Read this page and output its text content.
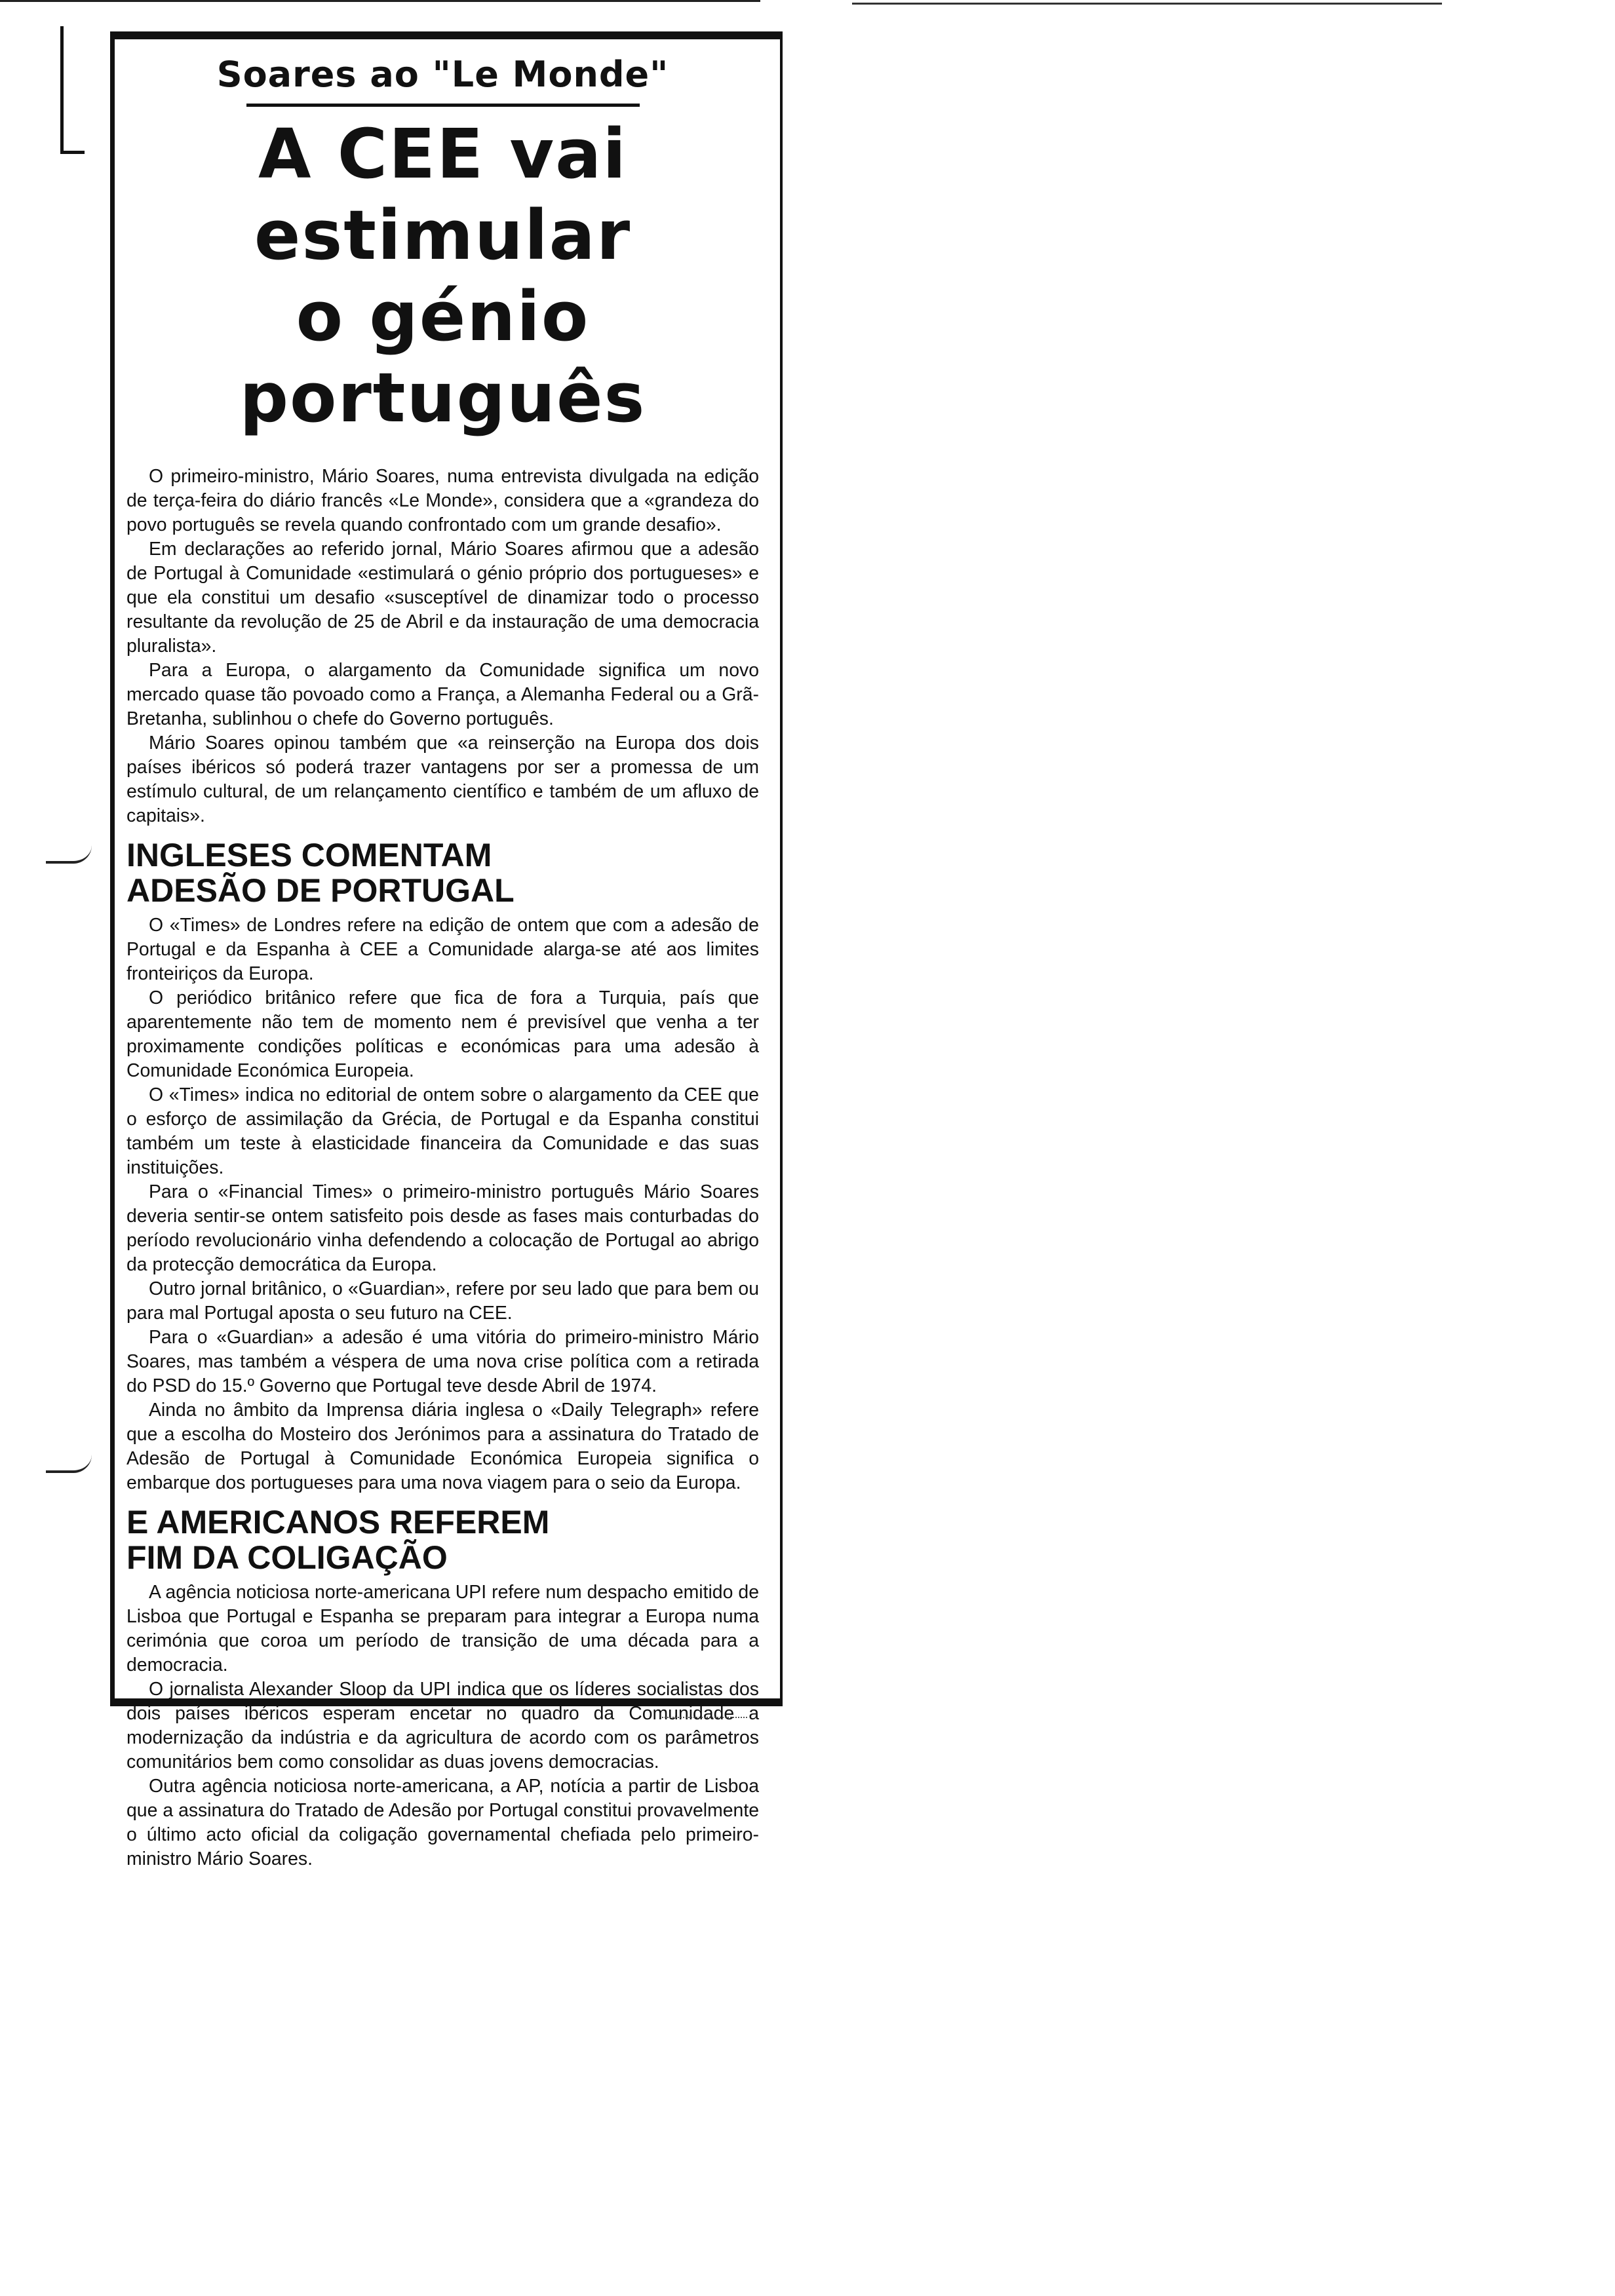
Soares ao "Le Monde"
A CEE vai estimular
o génio português

O primeiro-ministro, Mário Soares, numa entrevista divulgada na edição de terça-feira do diário francês «Le Monde», considera que a «grandeza do povo português se revela quando confrontado com um grande desafio».

Em declarações ao referido jornal, Mário Soares afirmou que a adesão de Portugal à Comunidade «estimulará o génio próprio dos portugueses» e que ela constitui um desafio «susceptível de dinamizar todo o processo resultante da revolução de 25 de Abril e da instauração de uma democracia pluralista».

Para a Europa, o alargamento da Comunidade significa um novo mercado quase tão povoado como a França, a Alemanha Federal ou a Grã-Bretanha, sublinhou o chefe do Governo português.

Mário Soares opinou também que «a reinserção na Europa dos dois países ibéricos só poderá trazer vantagens por ser a promessa de um estímulo cultural, de um relançamento científico e também de um afluxo de capitais».

INGLESES COMENTAM
ADESÃO DE PORTUGAL

O «Times» de Londres refere na edição de ontem que com a adesão de Portugal e da Espanha à CEE a Comunidade alarga-se até aos limites fronteiriços da Europa.

O periódico britânico refere que fica de fora a Turquia, país que aparentemente não tem de momento nem é previsível que venha a ter proximamente condições políticas e económicas para uma adesão à Comunidade Económica Europeia.

O «Times» indica no editorial de ontem sobre o alargamento da CEE que o esforço de assimilação da Grécia, de Portugal e da Espanha constitui também um teste à elasticidade financeira da Comunidade e das suas instituições.

Para o «Financial Times» o primeiro-ministro português Mário Soares deveria sentir-se ontem satisfeito pois desde as fases mais conturbadas do período revolucionário vinha defendendo a colocação de Portugal ao abrigo da protecção democrática da Europa.

Outro jornal britânico, o «Guardian», refere por seu lado que para bem ou para mal Portugal aposta o seu futuro na CEE.

Para o «Guardian» a adesão é uma vitória do primeiro-ministro Mário Soares, mas também a véspera de uma nova crise política com a retirada do PSD do 15.º Governo que Portugal teve desde Abril de 1974.

Ainda no âmbito da Imprensa diária inglesa o «Daily Telegraph» refere que a escolha do Mosteiro dos Jerónimos para a assinatura do Tratado de Adesão de Portugal à Comunidade Económica Europeia significa o embarque dos portugueses para uma nova viagem para o seio da Europa.

E AMERICANOS REFEREM
FIM DA COLIGAÇÃO

A agência noticiosa norte-americana UPI refere num despacho emitido de Lisboa que Portugal e Espanha se preparam para integrar a Europa numa cerimónia que coroa um período de transição de uma década para a democracia.

O jornalista Alexander Sloop da UPI indica que os líderes socialistas dos dois países ibéricos esperam encetar no quadro da Comunidade a modernização da indústria e da agricultura de acordo com os parâmetros comunitários bem como consolidar as duas jovens democracias.

Outra agência noticiosa norte-americana, a AP, notícia a partir de Lisboa que a assinatura do Tratado de Adesão por Portugal constitui provavelmente o último acto oficial da coligação governamental chefiada pelo primeiro-ministro Mário Soares.
